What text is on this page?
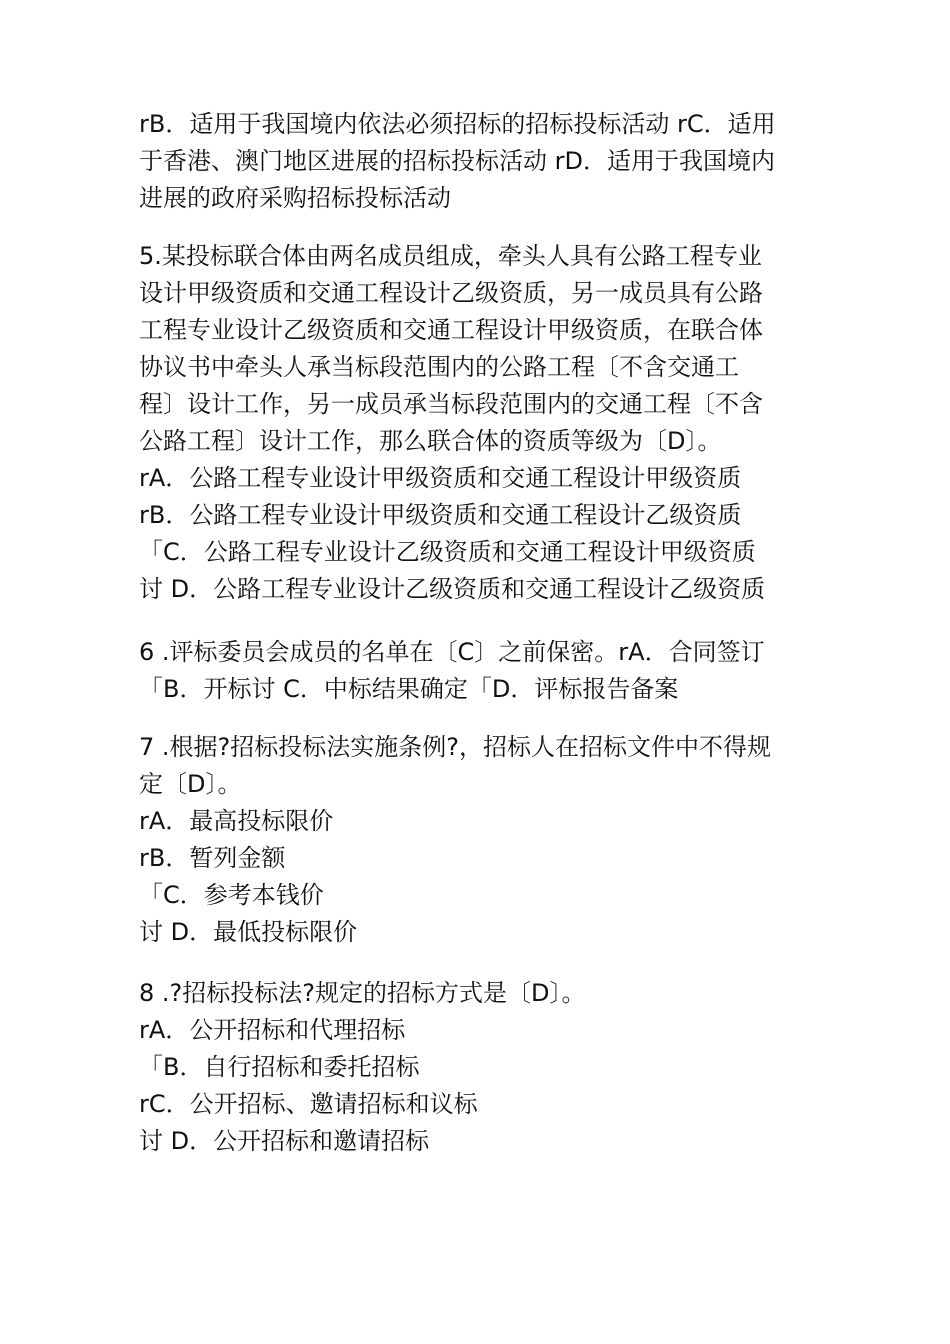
rB．适用于我国境内依法必须招标的招标投标活动 rC．适用
于香港、澳门地区进展的招标投标活动 rD．适用于我国境内
进展的政府采购招标投标活动
5.某投标联合体由两名成员组成，牵头人具有公路工程专业
设计甲级资质和交通工程设计乙级资质，另一成员具有公路
工程专业设计乙级资质和交通工程设计甲级资质，在联合体
协议书中牵头人承当标段范围内的公路工程〔不含交通工
程〕设计工作，另一成员承当标段范围内的交通工程〔不含
公路工程〕设计工作，那么联合体的资质等级为〔D〕。
rA．公路工程专业设计甲级资质和交通工程设计甲级资质
rB．公路工程专业设计甲级资质和交通工程设计乙级资质
「C．公路工程专业设计乙级资质和交通工程设计甲级资质
讨 D．公路工程专业设计乙级资质和交通工程设计乙级资质
6 .评标委员会成员的名单在〔C〕之前保密。rA．合同签订
「B．开标讨 C．中标结果确定「D．评标报告备案
7 .根据?招标投标法实施条例?，招标人在招标文件中不得规
定〔D〕。
rA．最高投标限价
rB．暂列金额
「C．参考本钱价
讨 D．最低投标限价
8 .?招标投标法?规定的招标方式是〔D〕。
rA．公开招标和代理招标
「B．自行招标和委托招标
rC．公开招标、邀请招标和议标
讨 D．公开招标和邀请招标
